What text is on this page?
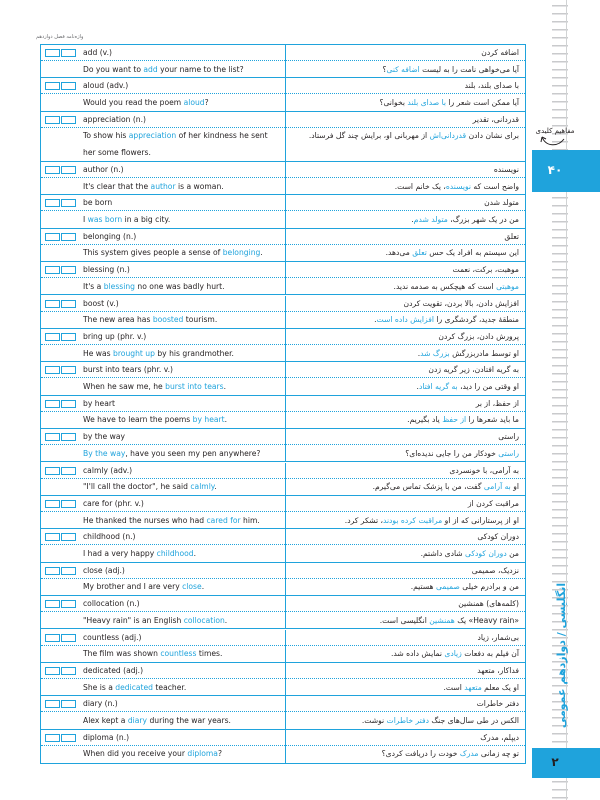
واژه‌نامه فصل دوازدهم
add (v.)
Do you want to add your name to the list?
اضافه کردن
آیا می‌خواهی نامت را به لیست اضافه کنی؟
aloud (adv.)
Would you read the poem aloud?
با صدای بلند، بلند
آیا ممکن است شعر را با صدای بلند بخوانی؟
appreciation (n.)
To show his appreciation of her kindness he sent
her some flowers.
قدردانی، تقدیر
برای نشان دادن قدردانی‌اش از مهربانی او، برایش چند گل فرستاد.
author (n.)
It's clear that the author is a woman.
نویسنده
واضح است که نویسنده، یک خانم است.
be born
I was born in a big city.
متولد شدن
من در یک شهر بزرگ، متولد شدم.
belonging (n.)
This system gives people a sense of belonging.
تعلق
این سیستم به افراد یک حس تعلق می‌دهد.
blessing (n.)
It's a blessing no one was badly hurt.
موهبت، برکت، نعمت
موهبتی است که هیچکس به صدمه ندید.
boost (v.)
The new area has boosted tourism.
افزایش دادن، بالا بردن، تقویت کردن
منطقهٔ جدید، گردشگری را افزایش داده است.
bring up (phr. v.)
He was brought up by his grandmother.
پرورش دادن، بزرگ کردن
او توسط مادربزرگش بزرگ شد.
burst into tears (phr. v.)
When he saw me, he burst into tears.
به گریه افتادن، زیر گریه زدن
او وقتی من را دید، به گریه افتاد.
by heart
We have to learn the poems by heart.
از حفظ، از بر
ما باید شعرها را از حفظ یاد بگیریم.
by the way
By the way, have you seen my pen anywhere?
راستی
راستی خودکار من را جایی ندیده‌ای؟
calmly (adv.)
"I'll call the doctor", he said calmly.
به آرامی، با خونسردی
او به آرامی گفت، من با پزشک تماس می‌گیرم.
care for (phr. v.)
He thanked the nurses who had cared for him.
مراقبت کردن از
او از پرستارانی که از او مراقبت کرده بودند، تشکر کرد.
childhood (n.)
I had a very happy childhood.
دوران کودکی
من دوران کودکی شادی داشتم.
close (adj.)
My brother and I are very close.
نزدیک، صمیمی
من و برادرم خیلی صمیمی هستیم.
collocation (n.)
"Heavy rain" is an English collocation.
(کلمه‌های) همنشین
«Heavy rain» یک همنشین انگلیسی است.
countless (adj.)
The film was shown countless times.
بی‌شمار، زیاد
آن فیلم به دفعات زیادی نمایش داده شد.
dedicated (adj.)
She is a dedicated teacher.
فداکار، متعهد
او یک معلم متعهد است.
diary (n.)
Alex kept a diary during the war years.
دفتر خاطرات
الکس در طی سال‌های جنگ دفتر خاطرات نوشت.
diploma (n.)
When did you receive your diploma?
دیپلم، مدرک
تو چه زمانی مدرک خودت را دریافت کردی؟
مفاهیم کلیدی
۴۰
انگلیسی / دوازدهم عمومی
۲
